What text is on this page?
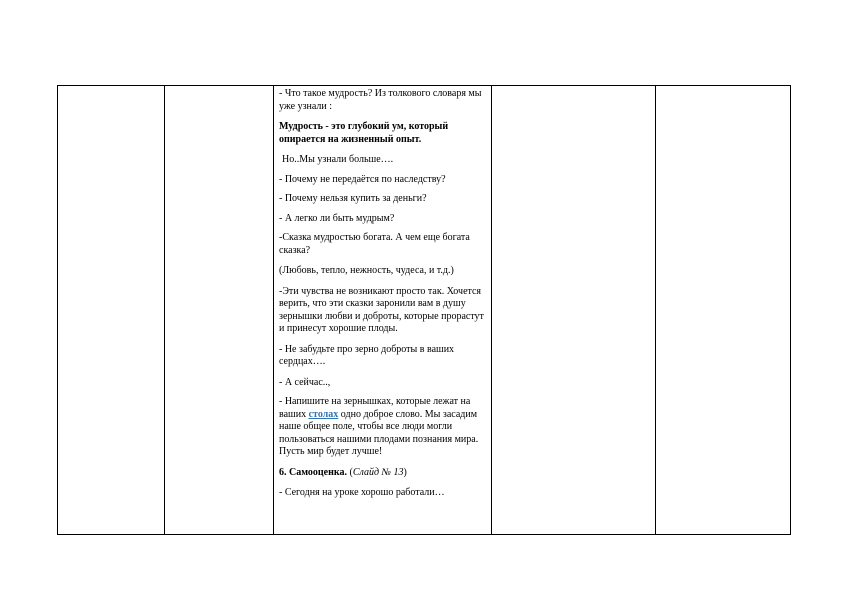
- Что такое мудрость? Из толкового словаря мы уже узнали :

Мудрость - это глубокий ум, который опирается на жизненный опыт.

Но..Мы узнали больше….

- Почему не передаётся по наследству?

- Почему нельзя купить за деньги?

- А легко ли быть мудрым?

-Сказка мудростью богата. А чем еще богата сказка?

(Любовь, тепло, нежность, чудеса, и т.д.)

-Эти чувства не возникают просто так. Хочется верить, что эти сказки заронили вам в душу зернышки любви и доброты, которые прорастут и принесут хорошие плоды.

- Не забудьте про зерно доброты в ваших сердцах….

- А сейчас..,

- Напишите на зернышках, которые лежат на ваших столах одно доброе слово. Мы засадим наше общее поле, чтобы все люди могли пользоваться нашими плодами познания мира. Пусть мир будет лучше!

6. Самооценка. (Слайд № 13)

- Сегодня на уроке хорошо работали…
